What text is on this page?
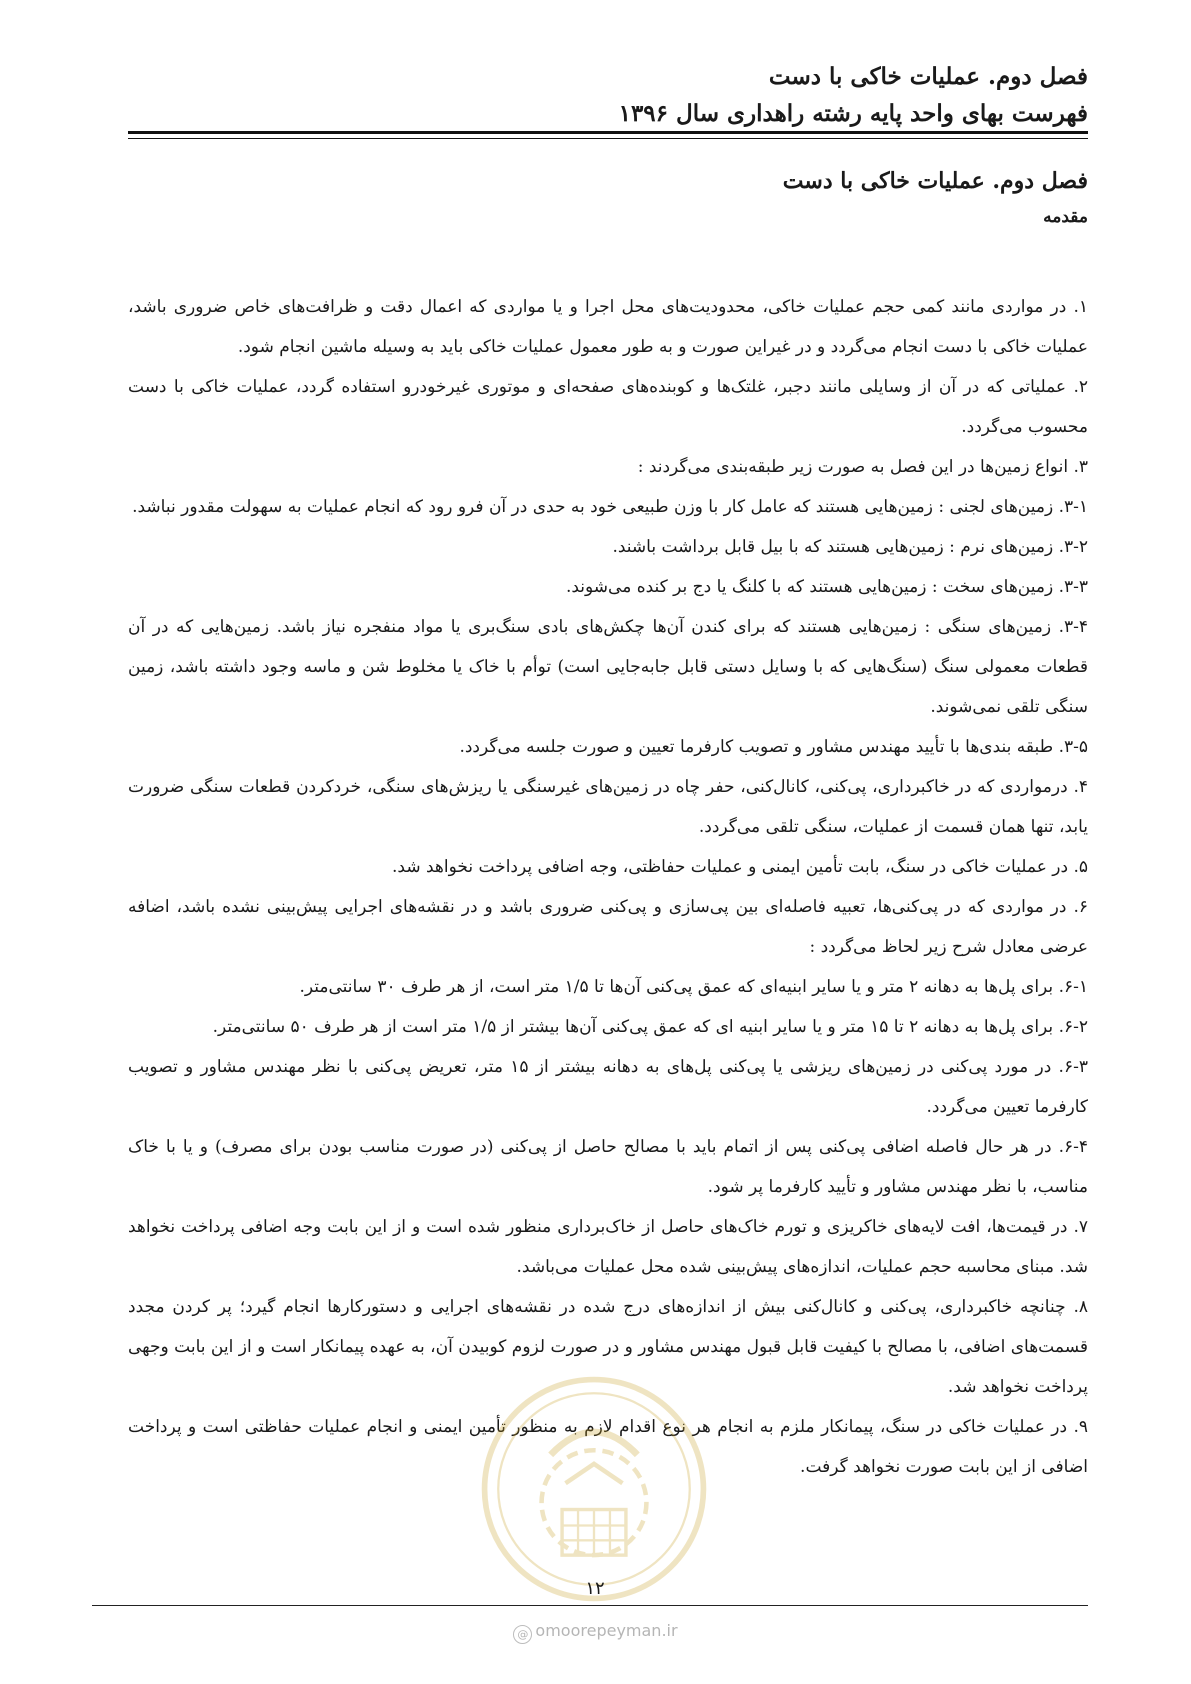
فصل دوم. عملیات خاکی با دست
فهرست بهای واحد پایه رشته راهداری سال ۱۳۹۶
فصل دوم. عملیات خاکی با دست
مقدمه

۱. در مواردی مانند کمی حجم عملیات خاکی، محدودیت‌های محل اجرا و یا مواردی که اعمال دقت و ظرافت‌های خاص ضروری باشد، عملیات خاکی با دست انجام می‌گردد و در غیراین صورت و به طور معمول عملیات خاکی باید به وسیله ماشین انجام شود.

۲. عملیاتی که در آن از وسایلی مانند دجبر، غلتک‌ها و کوبنده‌های صفحه‌ای و موتوری غیرخودرو استفاده گردد، عملیات خاکی با دست محسوب می‌گردد.

۳. انواع زمین‌ها در این فصل به صورت زیر طبقه‌بندی می‌گردند :

۳-۱. زمین‌های لجنی : زمین‌هایی هستند که عامل کار با وزن طبیعی خود به حدی در آن فرو رود که انجام عملیات به سهولت مقدور نباشد.

۳-۲. زمین‌های نرم : زمین‌هایی هستند که با بیل قابل برداشت باشند.

۳-۳. زمین‌های سخت : زمین‌هایی هستند که با کلنگ یا دج بر کنده می‌شوند.

۳-۴. زمین‌های سنگی : زمین‌هایی هستند که برای کندن آن‌ها چکش‌های بادی سنگ‌بری یا مواد منفجره نیاز باشد. زمین‌هایی که در آن قطعات معمولی سنگ (سنگ‌هایی که با وسایل دستی قابل جابه‌جایی است) توأم با خاک یا مخلوط شن و ماسه وجود داشته باشد، زمین سنگی تلقی نمی‌شوند.

۳-۵. طبقه بندی‌ها با تأیید مهندس مشاور و تصویب کارفرما تعیین و صورت جلسه می‌گردد.

۴. درمواردی که در خاکبرداری، پی‌کنی، کانال‌کنی، حفر چاه در زمین‌های غیرسنگی یا ریزش‌های سنگی، خردکردن قطعات سنگی ضرورت یابد، تنها همان قسمت از عملیات، سنگی تلقی می‌گردد.

۵. در عملیات خاکی در سنگ، بابت تأمین ایمنی و عملیات حفاظتی، وجه اضافی پرداخت نخواهد شد.

۶. در مواردی که در پی‌کنی‌ها، تعبیه فاصله‌ای بین پی‌سازی و پی‌کنی ضروری باشد و در نقشه‌های اجرایی پیش‌بینی نشده باشد، اضافه عرضی معادل شرح زیر لحاظ می‌گردد :

۶-۱. برای پل‌ها به دهانه ۲ متر و یا سایر ابنیه‌ای که عمق پی‌کنی آن‌ها تا ۱/۵ متر است، از هر طرف ۳۰ سانتی‌متر.

۶-۲. برای پل‌ها به دهانه ۲ تا ۱۵ متر و یا سایر ابنیه ای که عمق پی‌کنی آن‌ها بیشتر از ۱/۵ متر است از هر طرف ۵۰ سانتی‌متر.

۶-۳. در مورد پی‌کنی در زمین‌های ریزشی یا پی‌کنی پل‌های به دهانه بیشتر از ۱۵ متر، تعریض پی‌کنی با نظر مهندس مشاور و تصویب کارفرما تعیین می‌گردد.

۶-۴. در هر حال فاصله اضافی پی‌کنی پس از اتمام باید با مصالح حاصل از پی‌کنی (در صورت مناسب بودن برای مصرف) و یا با خاک مناسب، با نظر مهندس مشاور و تأیید کارفرما پر شود.

۷. در قیمت‌ها، افت لایه‌های خاکریزی و تورم خاک‌های حاصل از خاک‌برداری منظور شده است و از این بابت وجه اضافی پرداخت نخواهد شد. مبنای محاسبه حجم عملیات، اندازه‌های پیش‌بینی شده محل عملیات می‌باشد.

۸. چنانچه خاکبرداری، پی‌کنی و کانال‌کنی بیش از اندازه‌های درج شده در نقشه‌های اجرایی و دستورکارها انجام گیرد؛ پر کردن مجدد قسمت‌های اضافی، با مصالح با کیفیت قابل قبول مهندس مشاور و در صورت لزوم کوبیدن آن، به عهده پیمانکار است و از این بابت وجهی پرداخت نخواهد شد.

۹. در عملیات خاکی در سنگ، پیمانکار ملزم به انجام هر نوع اقدام لازم به منظور تأمین ایمنی و انجام عملیات حفاظتی است و پرداخت اضافی از این بابت صورت نخواهد گرفت.

۱۲
@ omoorepeyman.ir
